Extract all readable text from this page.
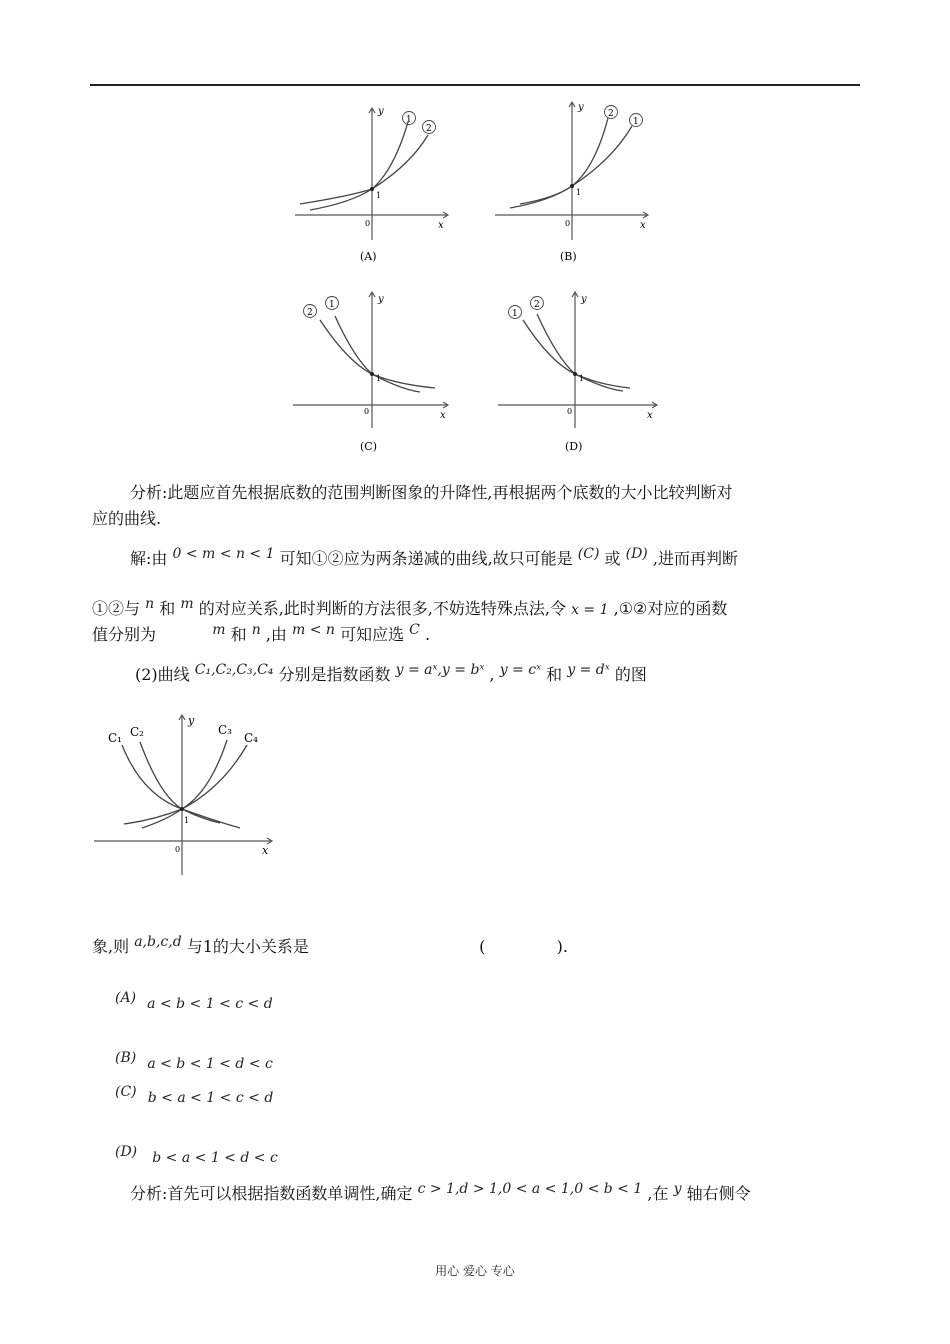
1
0	x
y
1
2
(A)
1
0	x
y
2
1
(B)
1
0	x
y
2
1
(C)
1
0	x
y
1
2
(D)
分析:此题应首先根据底数的范围判断图象的升降性,再根据两个底数的大小比较判断对
应的曲线.
解:由 0 < m < n < 1 可知①②应为两条递减的曲线,故只可能是 (C) 或 (D) ,进而再判断
①②与 n 和 m 的对应关系,此时判断的方法很多,不妨选特殊点法,令 x = 1 ,①②对应的函数
值分别为	m 和 n ,由 m < n 可知应选 C .
(2)曲线 C₁,C₂,C₃,C₄ 分别是指数函数 y = aˣ,y = bˣ , y = cˣ 和 y = dˣ 的图
1
0	x
y
C₁ C₂	C₃
C₄
象,则 a,b,c,d 与1的大小关系是	(              ).
(A) a < b < 1 < c < d
(B) a < b < 1 < d < c
(C) b < a < 1 < c < d
(D) b < a < 1 < d < c
分析:首先可以根据指数函数单调性,确定 c > 1,d > 1,0 < a < 1,0 < b < 1 ,在 y 轴右侧令
用心 爱心 专心
